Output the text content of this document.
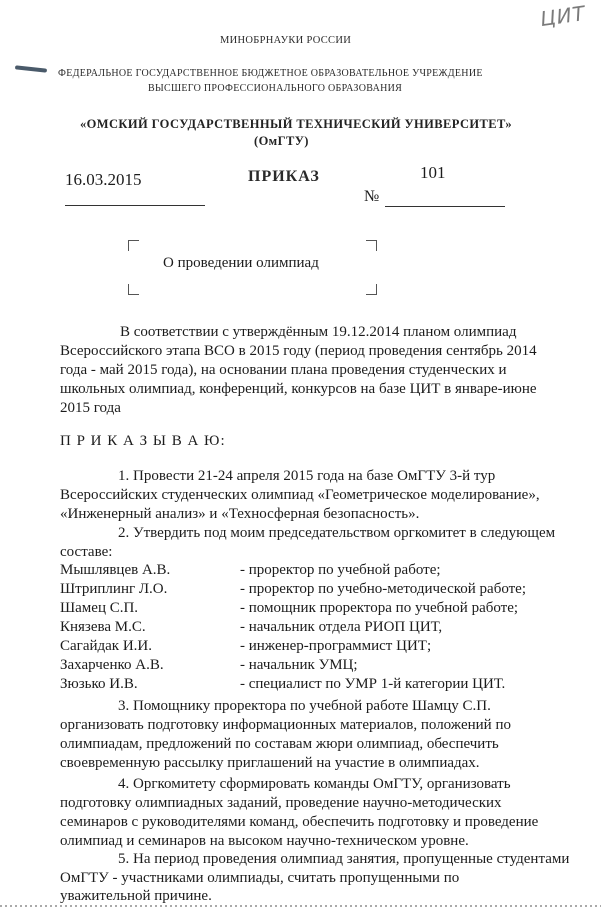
ЦИТ
МИНОБРНАУКИ РОССИИ
ФЕДЕРАЛЬНОЕ ГОСУДАРСТВЕННОЕ БЮДЖЕТНОЕ ОБРАЗОВАТЕЛЬНОЕ УЧРЕЖДЕНИЕ
ВЫСШЕГО ПРОФЕССИОНАЛЬНОГО ОБРАЗОВАНИЯ
«ОМСКИЙ ГОСУДАРСТВЕННЫЙ ТЕХНИЧЕСКИЙ УНИВЕРСИТЕТ»
(ОмГТУ)
16.03.2015	ПРИКАЗ	101
№
О проведении олимпиад
В соответствии с утверждённым 19.12.2014 планом олимпиад
Всероссийского этапа ВСО в 2015 году (период проведения сентябрь 2014
года - май 2015 года), на основании плана проведения студенческих и
школьных олимпиад, конференций, конкурсов на базе ЦИТ в январе-июне
2015 года
П Р И К А З Ы В А Ю:
1. Провести 21-24 апреля 2015 года на базе ОмГТУ 3-й тур
Всероссийских студенческих олимпиад «Геометрическое моделирование»,
«Инженерный анализ» и «Техносферная безопасность».
2. Утвердить под моим председательством оргкомитет в следующем
составе:
Мышлявцев А.В.	- проректор по учебной работе;
Штриплинг Л.О.	- проректор по учебно-методической работе;
Шамец С.П.	- помощник проректора по учебной работе;
Князева М.С.	- начальник отдела РИОП ЦИТ,
Сагайдак И.И.	- инженер-программист ЦИТ;
Захарченко А.В.	- начальник УМЦ;
Зюзько И.В.	- специалист по УМР 1-й категории ЦИТ.
3. Помощнику проректора по учебной работе Шамцу С.П.
организовать подготовку информационных материалов, положений по
олимпиадам, предложений по составам жюри олимпиад, обеспечить
своевременную рассылку приглашений на участие в олимпиадах.
4. Оргкомитету сформировать команды ОмГТУ, организовать
подготовку олимпиадных заданий, проведение научно-методических
семинаров с руководителями команд, обеспечить подготовку и проведение
олимпиад и семинаров на высоком научно-техническом уровне.
5. На период проведения олимпиад занятия, пропущенные студентами
ОмГТУ - участниками олимпиады, считать пропущенными по
уважительной причине.
